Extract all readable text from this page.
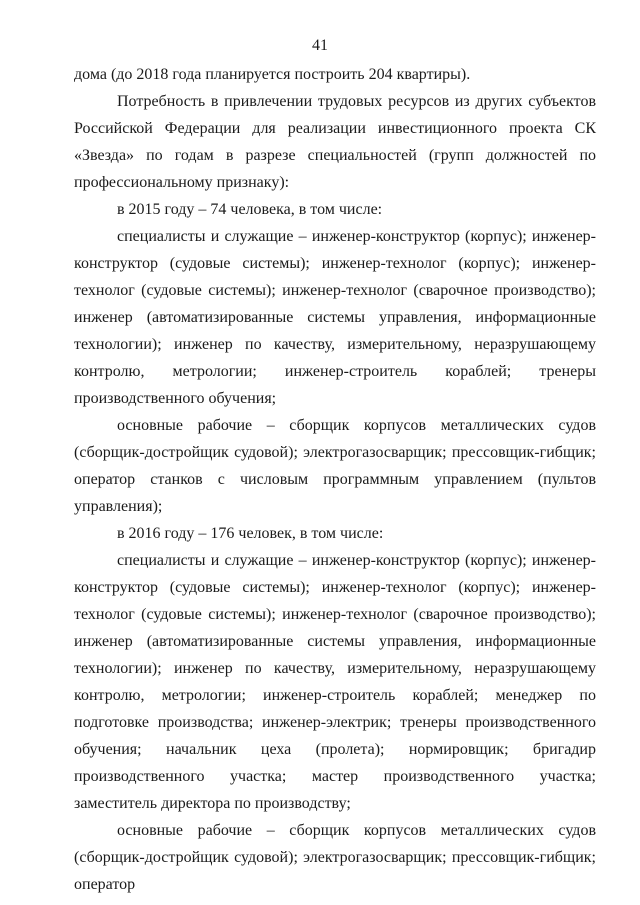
41

дома (до 2018 года планируется построить 204 квартиры).

Потребность в привлечении трудовых ресурсов из других субъектов Российской Федерации для реализации инвестиционного проекта СК «Звезда» по годам в разрезе специальностей (групп должностей по профессиональному признаку):

в 2015 году – 74 человека, в том числе:

специалисты и служащие – инженер-конструктор (корпус); инженер-конструктор (судовые системы); инженер-технолог (корпус); инженер-технолог (судовые системы); инженер-технолог (сварочное производство); инженер (автоматизированные системы управления, информационные технологии); инженер по качеству, измерительному, неразрушающему контролю, метрологии; инженер-строитель кораблей; тренеры производственного обучения;

основные рабочие – сборщик корпусов металлических судов (сборщик-достройщик судовой); электрогазосварщик; прессовщик-гибщик; оператор станков с числовым программным управлением (пультов управления);

в 2016 году – 176 человек, в том числе:

специалисты и служащие – инженер-конструктор (корпус); инженер-конструктор (судовые системы); инженер-технолог (корпус); инженер-технолог (судовые системы); инженер-технолог (сварочное производство); инженер (автоматизированные системы управления, информационные технологии); инженер по качеству, измерительному, неразрушающему контролю, метрологии; инженер-строитель кораблей; менеджер по подготовке производства; инженер-электрик; тренеры производственного обучения; начальник цеха (пролета); нормировщик; бригадир производственного участка; мастер производственного участка; заместитель директора по производству;

основные рабочие – сборщик корпусов металлических судов (сборщик-достройщик судовой); электрогазосварщик; прессовщик-гибщик; оператор
